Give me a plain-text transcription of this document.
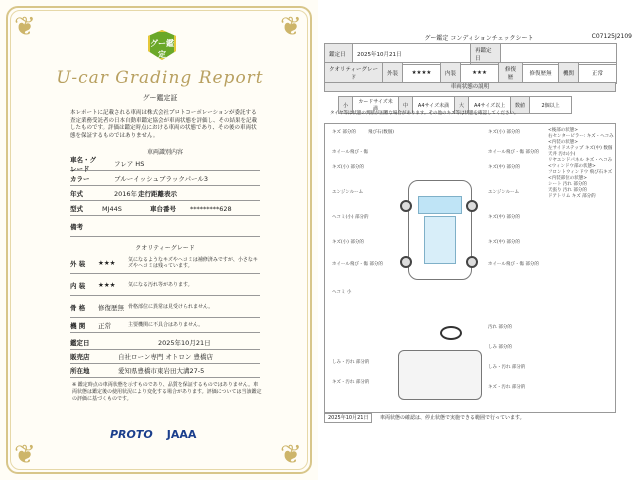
❦	❦
❦	❦
グー鑑定
U-car Grading Report
グー鑑定証
本レポートに記載される車両は株式会社プロトコーポレーションが委託する査定業務受託者の日本自動車鑑定協会が車両状態を評価し、その結果を記載したものです。評価は鑑定時点における車両の状態であり、その後の車両状態を保証するものではありません。
車両識別内容
車名・グレード
フレア HS
カラー	ブルーイッシュブラックパール3
年式	2016年 走行距離表示
型式	MJ44S	車台番号	*********628
備考
クオリティーグレード
外 装	★★★	気になるようなキズやヘコミは補修済みですが、小さなキズやヘコミは残っています。
内 装	★★★	気になる汚れ等があります。
骨 格	修復歴無 骨格部位に異常は見受けられません。
機 関	正常	主要機関に不具合はありません。
鑑定日	2025年10月21日
販売店	自社ローン専門 オトロン 豊橋店
所在地	愛知県豊橋市東岩田大溝27-5
※ 鑑定時点の車両状態を示すものであり、品質を保証するものではありません。車両状態は鑑定後の使用状況により変化する場合があります。評価については当該鑑定の評価に基づくものです。
PROTO JAAA
グー鑑定 コンディションチェックシート	C07125J2109
鑑定日	2025年10月21日	再鑑定日	
クオリティーグレード	外装	★★★★	内装	★★★	修復歴	修復歴無	機関	正常
車両状態の説明
小	カードサイズ未満	中	A4サイズ未満	大	A4サイズ以上	数値	2個以上
タイヤ等は状態の判断が困難な場合があります。その他のキズ等は状態を確認してください。
キズ 部分的	飛び石(数個)	キズ(小) 部分的
ホイール飛び・傷
キズ(小) 部分的
ホイール飛び・傷 部分的
キズ(中) 部分的
エンジンルーム	エンジンルーム
ヘコミ(小) 部分的	キズ(中) 部分的
キズ(小) 部分的	キズ(中) 部分的
ホイール飛び・傷 部分的	ホイール飛び・傷 部分的
ヘコミ 小
汚れ 部分的
しみ 部分的
しみ・汚れ 部分的
しみ・汚れ 部分的
キズ・汚れ 部分的
キズ・汚れ 部分的
<後部の状態>
右センターピラー: キズ・ヘコみ
<内装の状態>
左サイドステップ キズ(中) 数個
天井 汚れ(小)
リヤエンドパネル キズ・ヘコみ
<ウィンドウ部の状態>
フロントウィンドウ 飛び石キズ
<内装部位の状態>
シート 汚れ 部分的
天張り 汚れ 部分的
ドアトリム キズ 部分的
2025年10月21日 車両状態の確認は、停止状態で実施できる範囲で行っています。
